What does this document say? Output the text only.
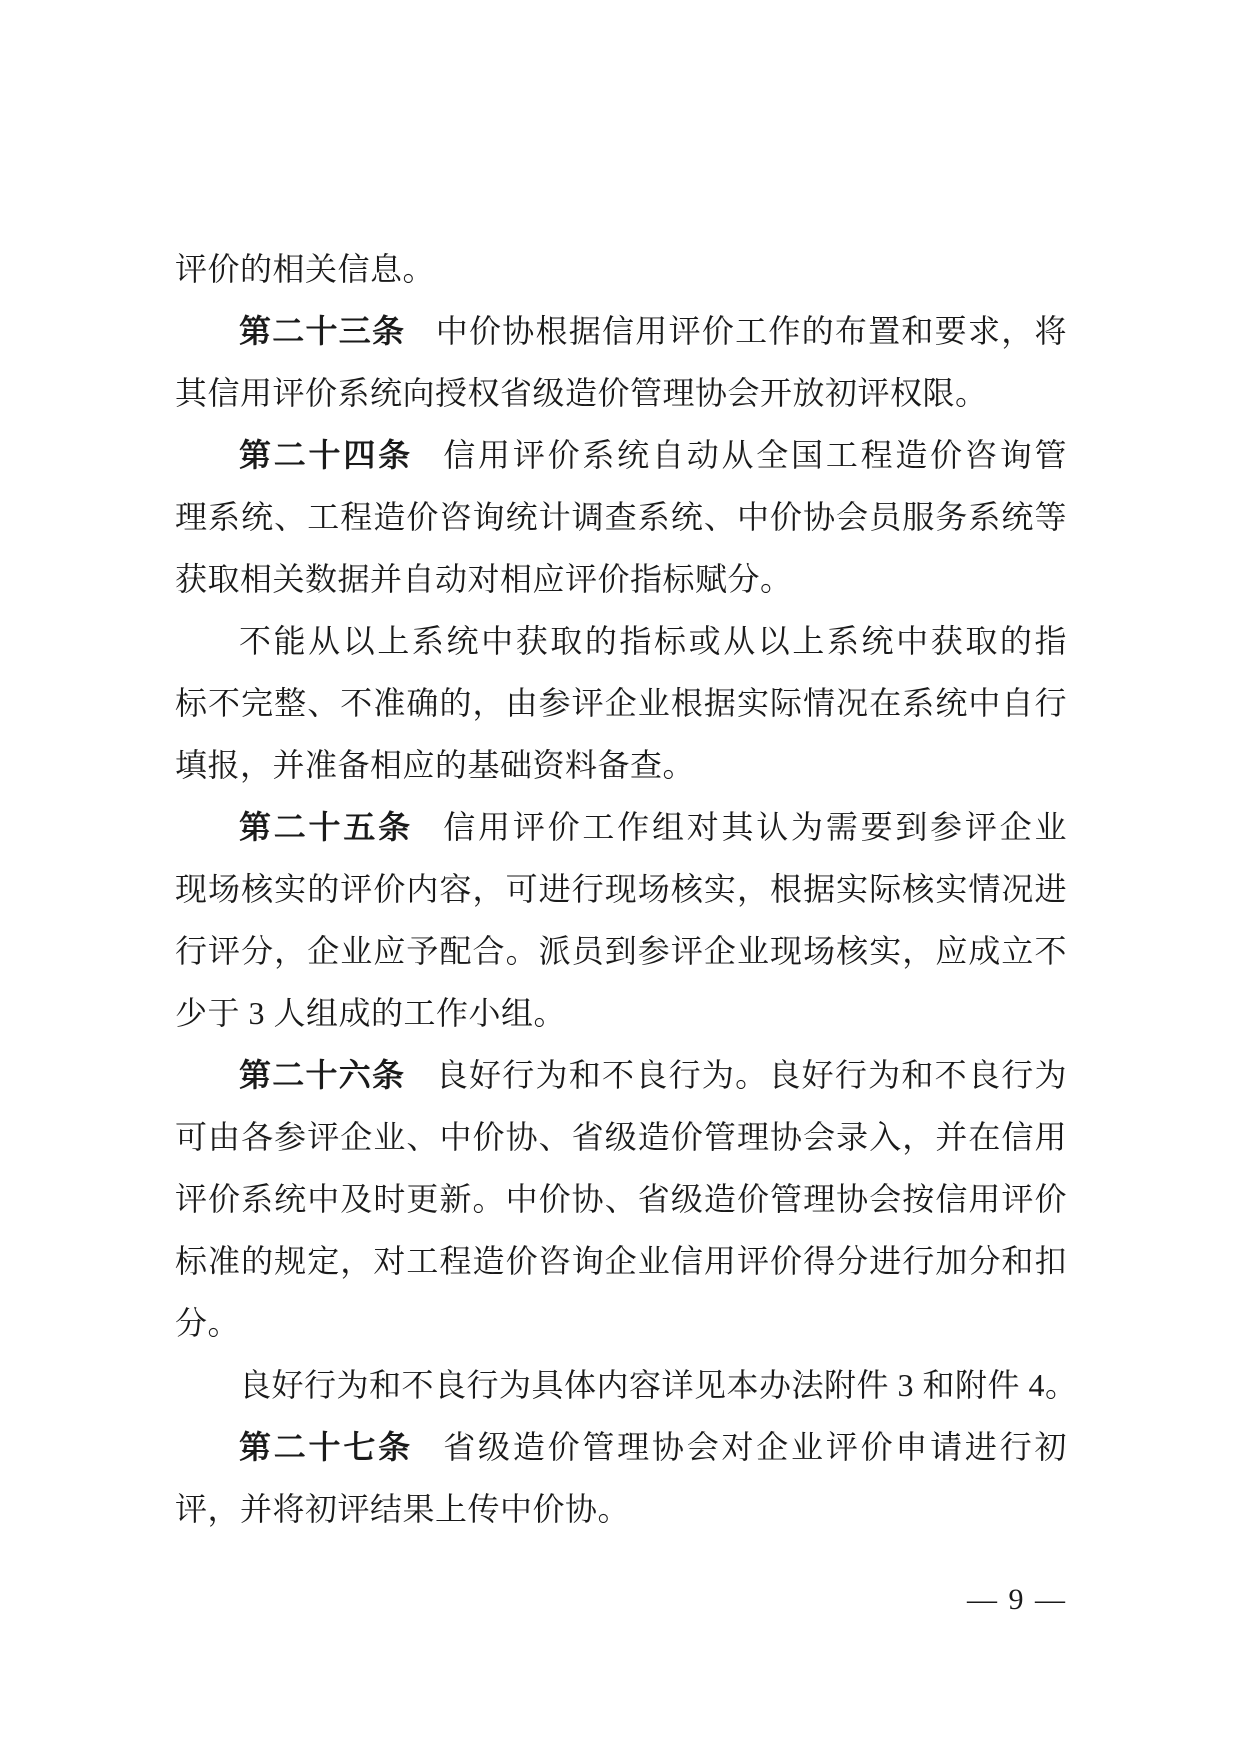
评价的相关信息。
第二十三条 中价协根据信用评价工作的布置和要求，将
其信用评价系统向授权省级造价管理协会开放初评权限。
第二十四条 信用评价系统自动从全国工程造价咨询管
理系统、工程造价咨询统计调查系统、中价协会员服务系统等
获取相关数据并自动对相应评价指标赋分。
不能从以上系统中获取的指标或从以上系统中获取的指
标不完整、不准确的，由参评企业根据实际情况在系统中自行
填报，并准备相应的基础资料备查。
第二十五条 信用评价工作组对其认为需要到参评企业
现场核实的评价内容，可进行现场核实，根据实际核实情况进
行评分，企业应予配合。派员到参评企业现场核实，应成立不
少于 3 人组成的工作小组。
第二十六条 良好行为和不良行为。良好行为和不良行为
可由各参评企业、中价协、省级造价管理协会录入，并在信用
评价系统中及时更新。中价协、省级造价管理协会按信用评价
标准的规定，对工程造价咨询企业信用评价得分进行加分和扣
分。
良好行为和不良行为具体内容详见本办法附件 3 和附件 4。
第二十七条 省级造价管理协会对企业评价申请进行初
评，并将初评结果上传中价协。
— 9 —
